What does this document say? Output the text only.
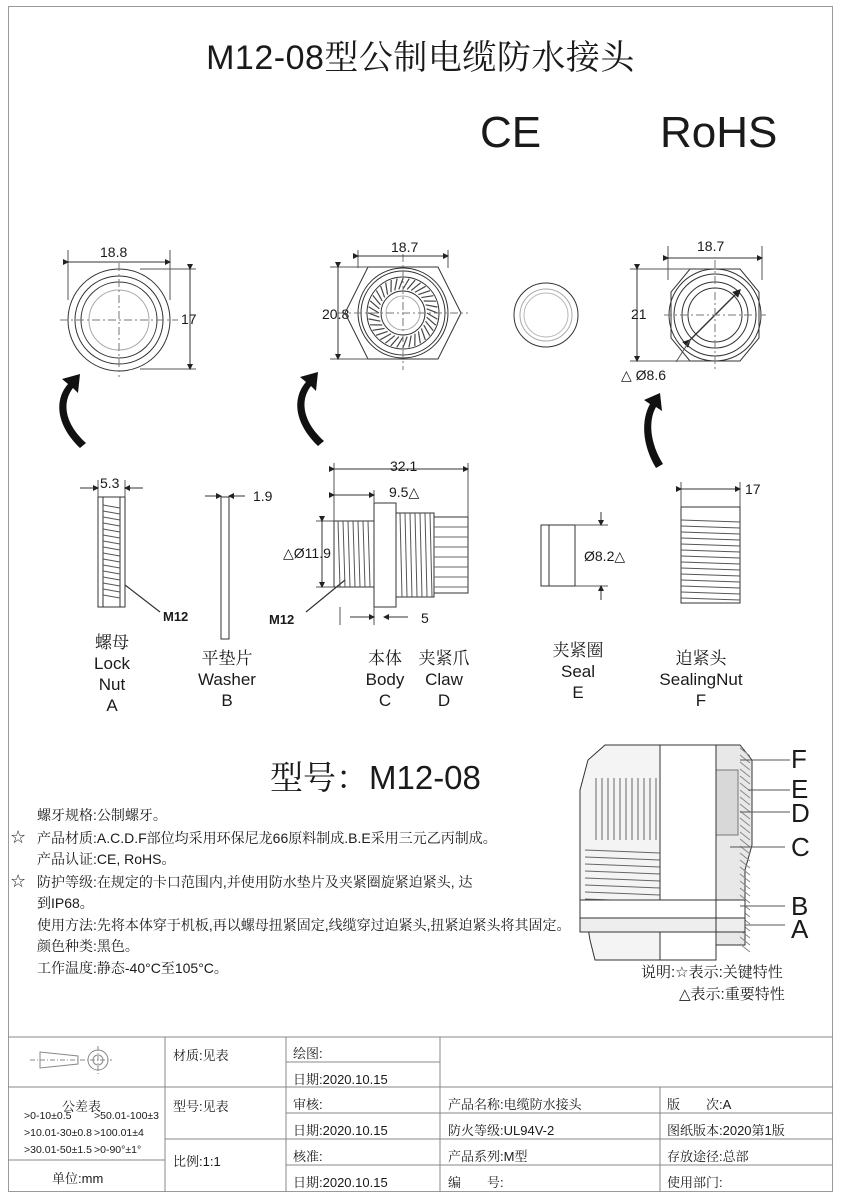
M12-08型公制电缆防水接头
CE	RoHS
18.8
17
18.7
20.8
18.7
21
△ Ø8.6
5.3
1.9
32.1
9.5△
△Ø11.9
5
Ø8.2△
17
M12	M12
螺母
Lock
Nut
A
平垫片
Washer
B
本体
Body
C
夹紧爪
Claw
D
夹紧圈
Seal
E
迫紧头
SealingNut
F
型号：M12-08
螺牙规格:公制螺牙。
☆ 产品材质:A.C.D.F部位均采用环保尼龙66原料制成.B.E采用三元乙丙制成。
产品认证:CE, RoHS。
☆ 防护等级:在规定的卡口范围内,并使用防水垫片及夹紧圈旋紧迫紧头, 达
到IP68。
使用方法:先将本体穿于机板,再以螺母扭紧固定,线缆穿过迫紧头,扭紧迫紧头将其固定。
颜色种类:黑色。
工作温度:静态-40°C至105°C。
F
E
D
C
B
A
说明:☆表示:关键特性
△表示:重要特性
材质:见表
型号:见表
比例:1:1
绘图:
日期:2020.10.15
审核:
日期:2020.10.15
核准:
日期:2020.10.15
产品名称:电缆防水接头
防火等级:UL94V-2
产品系列:M型
编　　号:
版　　次:A
图纸版本:2020第1版
存放途径:总部
使用部门:
公差表
>0-10±0.5 >50.01-100±3
>10.01-30±0.8 >100.01±4
>30.01-50±1.5 >0-90°±1°
单位:mm
